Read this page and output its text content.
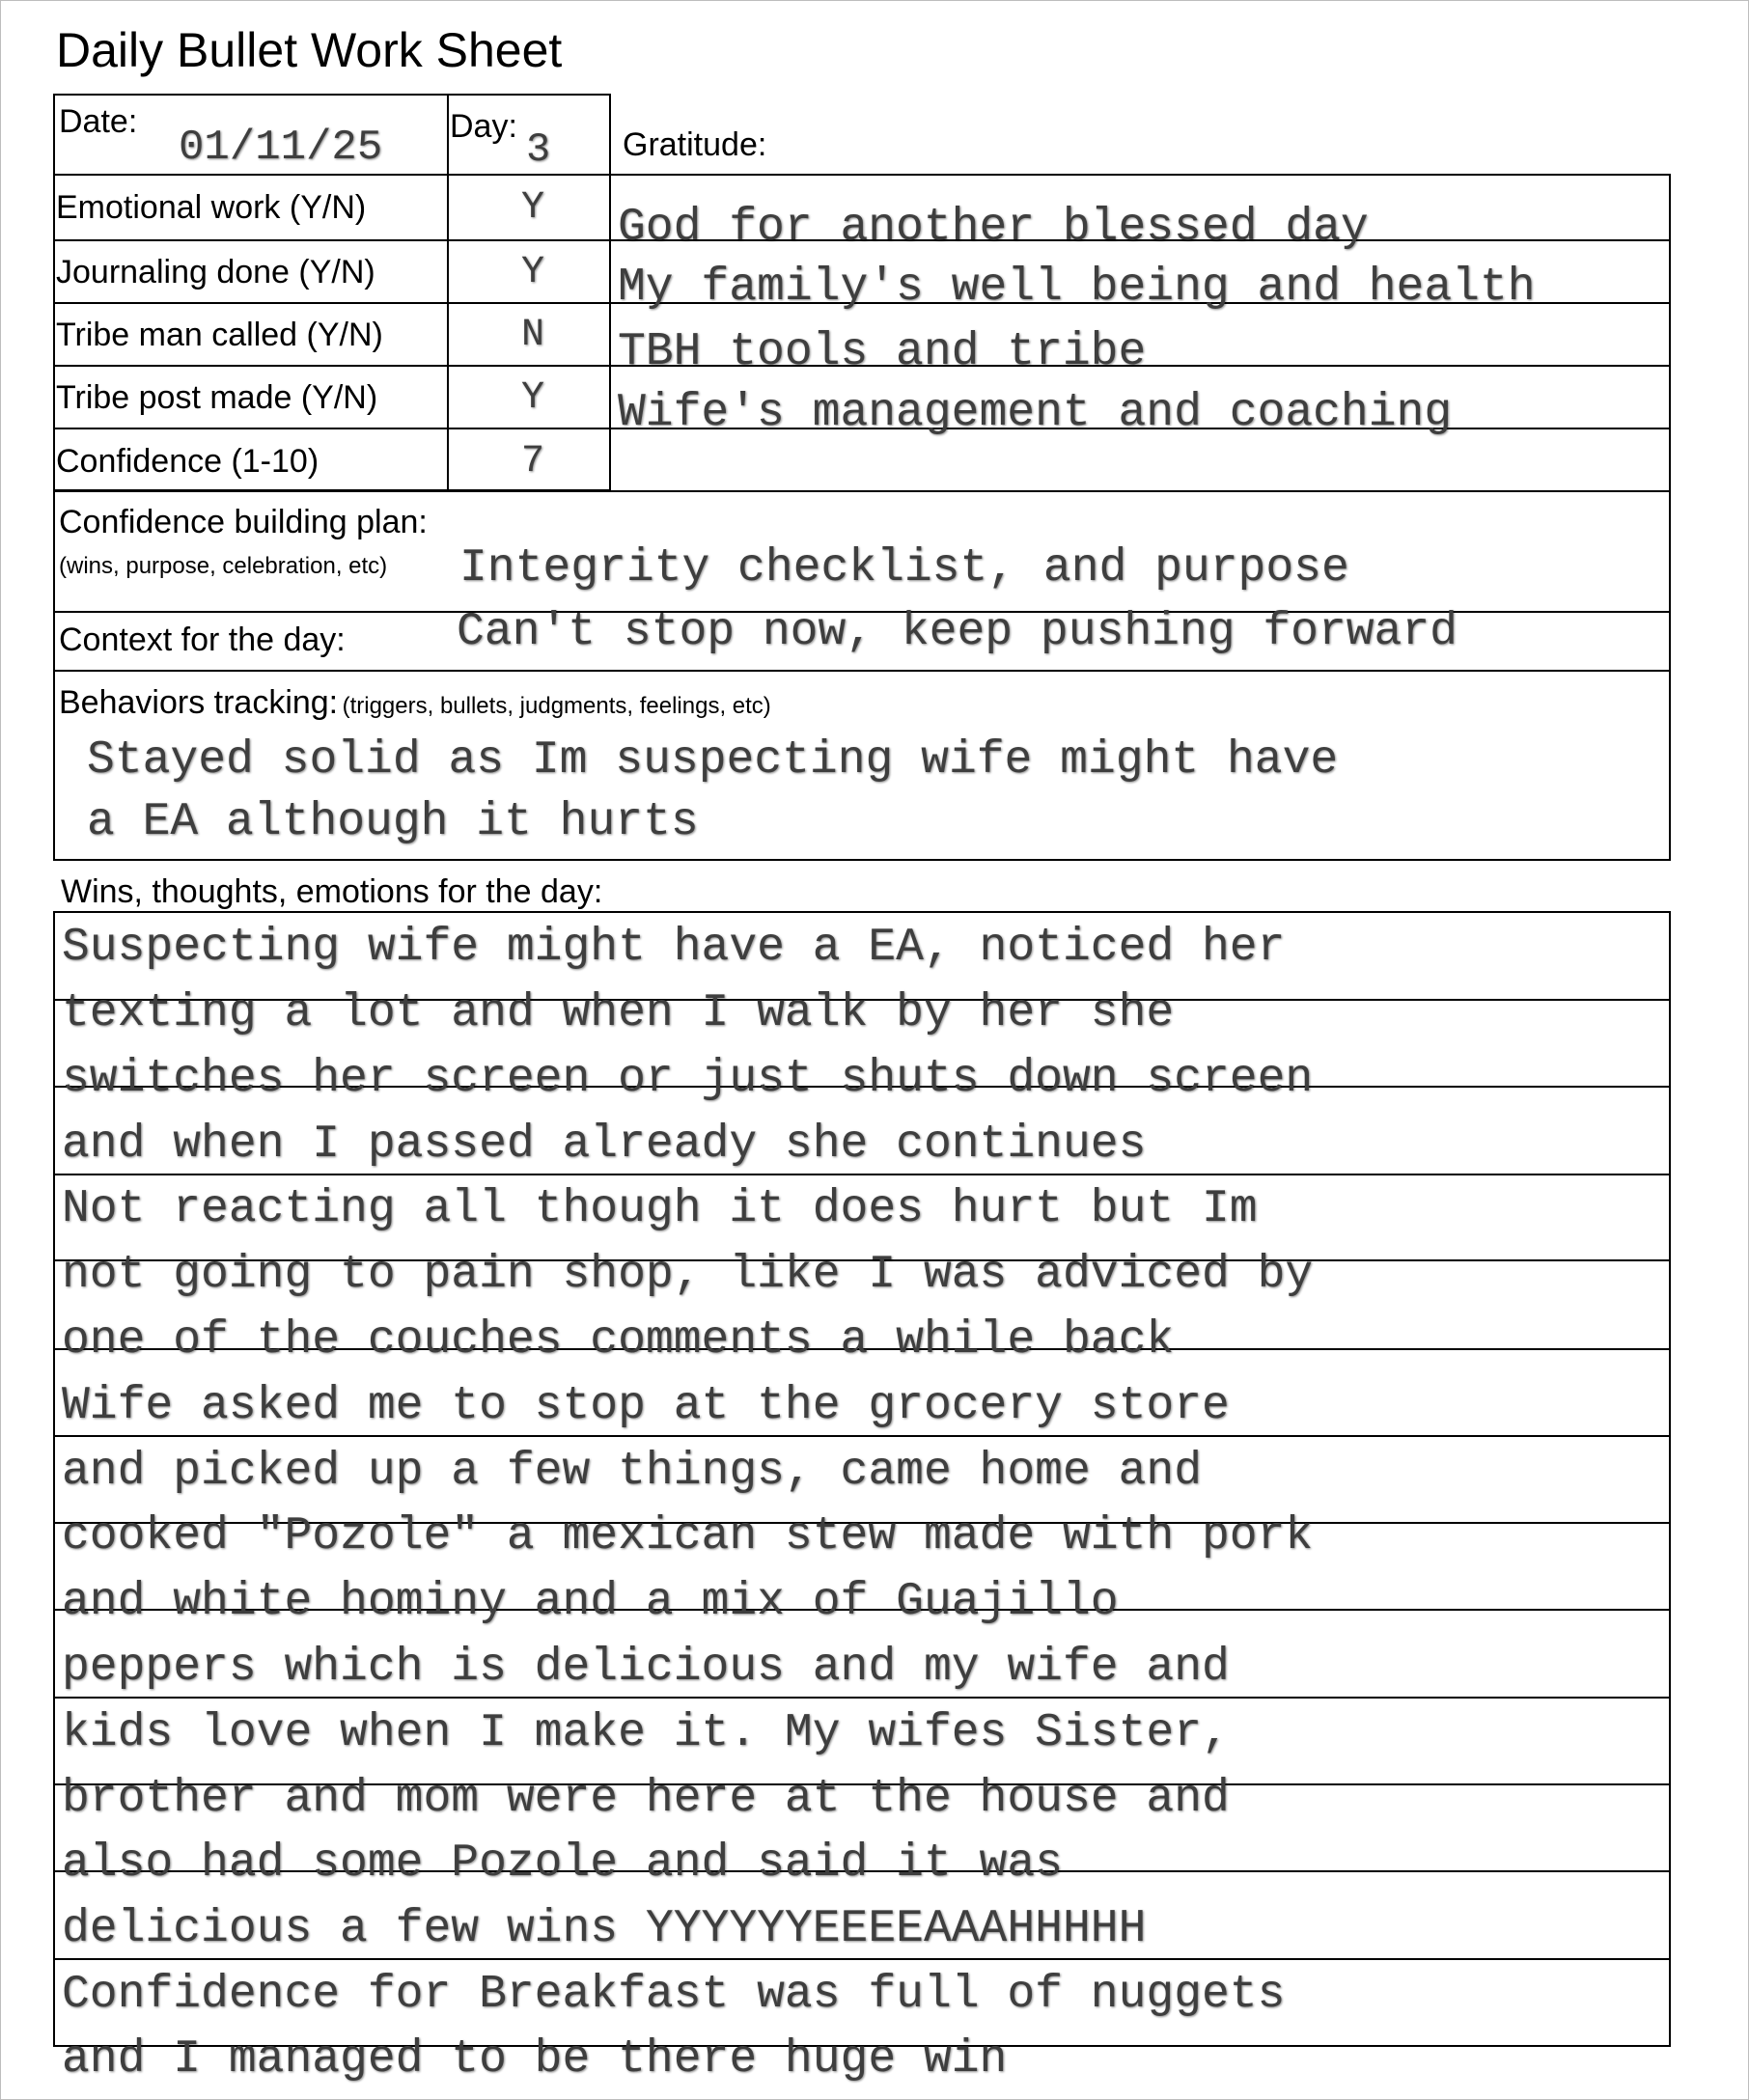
Daily Bullet Work Sheet
Date:
01/11/25 Day: 3
Emotional work (Y/N)	Y
Journaling done (Y/N)	Y
Tribe man called (Y/N)	N
Tribe post made (Y/N)	Y
Confidence (1-10)	7
Gratitude:
God for another blessed day
My family's well being and health
TBH tools and tribe
Wife's management and coaching
Confidence building plan:
(wins, purpose, celebration, etc) Integrity checklist, and purpose
Context for the day: Can't stop now, keep pushing forward
Behaviors tracking: (triggers, bullets, judgments, feelings, etc)
Stayed solid as Im suspecting wife might have
a EA although it hurts
Wins, thoughts, emotions for the day:
Suspecting wife might have a EA, noticed her
texting a lot and when I walk by her she
switches her screen or just shuts down screen
and when I passed already she continues
Not reacting all though it does hurt but Im
not going to pain shop, like I was adviced by
one of the couches comments a while back
Wife asked me to stop at the grocery store
and picked up a few things, came home and
cooked "Pozole" a mexican stew made with pork
and white hominy and a mix of Guajillo
peppers which is delicious and my wife and
kids love when I make it. My wifes Sister,
brother and mom were here at the house and
also had some Pozole and said it was
delicious a few wins YYYYYYEEEEAAAHHHHH
Confidence for Breakfast was full of nuggets
and I managed to be there huge win
